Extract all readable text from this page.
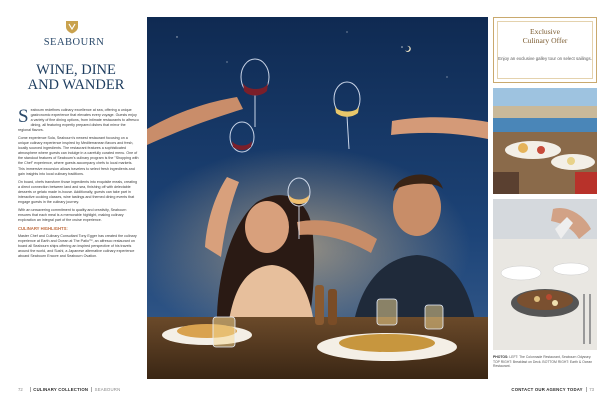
SEABOURN
WINE, DINE
AND WANDER

Seabourn redefines culinary excellence at sea, offering a unique gastronomic experience that elevates every voyage. Guests enjoy a variety of fine dining options, from intimate restaurants to alfresco dining, all featuring expertly prepared dishes that mirror the regional flavors.

Come experience Sola, Seabourn's newest restaurant focusing on a unique culinary experience inspired by Mediterranean flavors and fresh, locally sourced ingredients. The restaurant features a sophisticated atmosphere where guests can indulge in a carefully curated menu. One of the standout features of Seabourn's culinary program is the "Shopping with the Chef" experience, where guests accompany chefs to local markets. This immersive excursion allows travelers to select fresh ingredients and gain insights into local culinary traditions.

On board, chefs transform those ingredients into exquisite meals, creating a direct connection between land and sea, finishing off with delectable desserts or gelato made in-house. Additionally, guests can take part in interactive cooking classes, wine tastings and themed dining events that engage guests in the culinary journey.

With an unwavering commitment to quality and creativity, Seabourn ensures that each meal is a memorable highlight, making culinary exploration an integral part of the cruise experience.

CULINARY HIGHLIGHTS:

Master Chef and Culinary Consultant Tony Egger has created the culinary experience at Earth and Ocean at The Patio™, an alfresco restaurant on board all Seabourn ships offering an inspired perspective of his travels around the world, and Sushi, a Japanese alternative culinary experience aboard Seabourn Encore and Seabourn Ovation.

Exclusive
Culinary Offer
Enjoy an exclusive galley tour on select sailings.
PHOTOS: LEFT: The Colonnade Restaurant, Seabourn Odyssey. TOP RIGHT: Breakfast on Deck. BOTTOM RIGHT: Earth & Ocean Restaurant.
72 CULINARY COLLECTION SEABOURN	CONTACT OUR AGENCY TODAY 73
